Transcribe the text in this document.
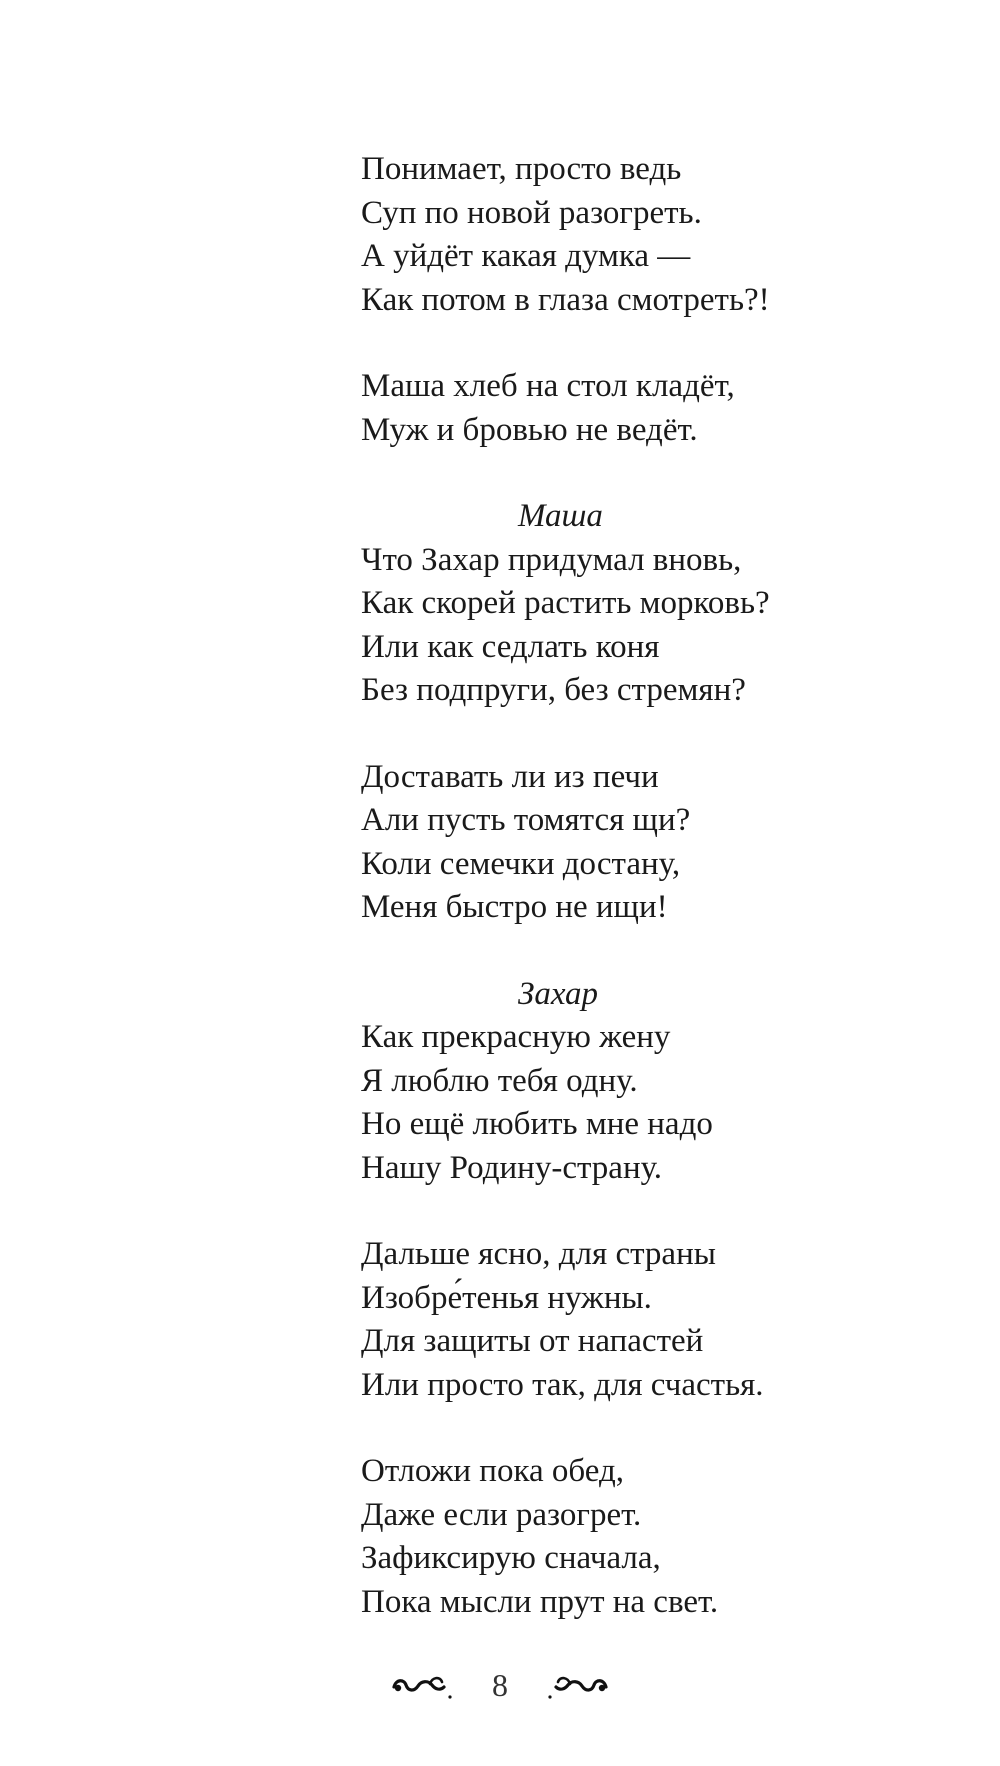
Понимает, просто ведь
Суп по новой разогреть.
А уйдёт какая думка —
Как потом в глаза смотреть?!
Маша хлеб на стол кладёт,
Муж и бровью не ведёт.
Маша
Что Захар придумал вновь,
Как скорей растить морковь?
Или как седлать коня
Без подпруги, без стремян?
Доставать ли из печи
Али пусть томятся щи?
Коли семечки достану,
Меня быстро не ищи!
Захар
Как прекрасную жену
Я люблю тебя одну.
Но ещё любить мне надо
Нашу Родину-страну.
Дальше ясно, для страны
Изобре́тенья нужны.
Для защиты от напастей
Или просто так, для счастья.
Отложи пока обед,
Даже если разогрет.
Зафиксирую сначала,
Пока мысли прут на свет.
8
